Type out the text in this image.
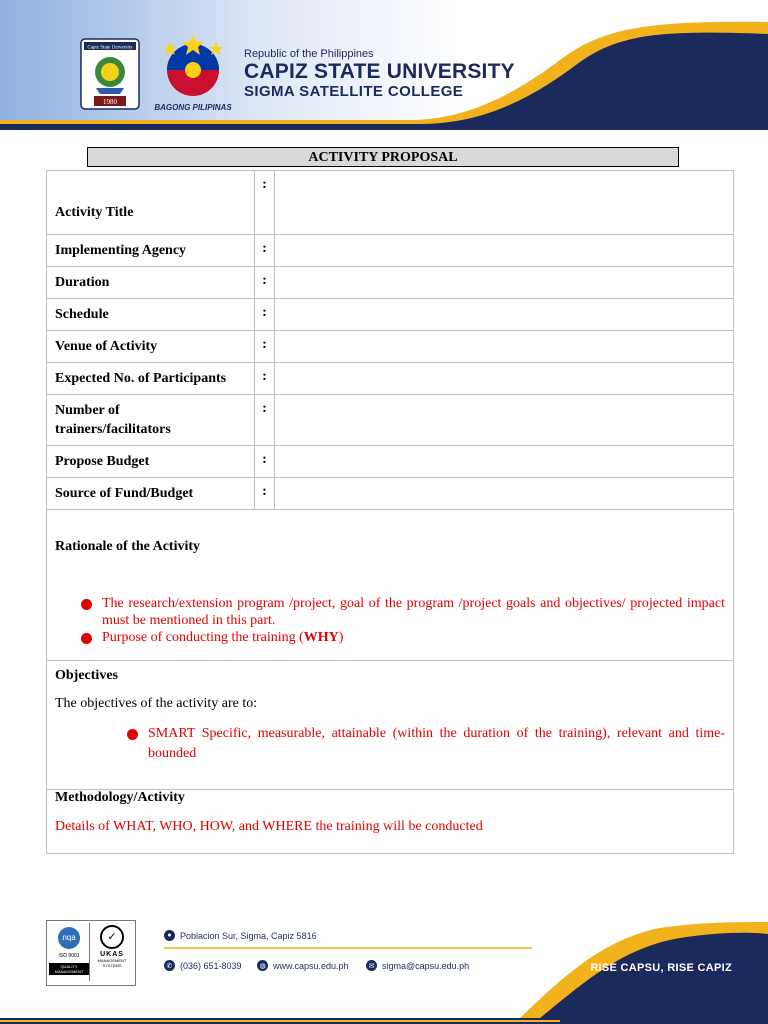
Capiz State University
1980
BAGONG PILIPINAS
Republic of the Philippines
CAPIZ STATE UNIVERSITY
SIGMA SATELLITE COLLEGE
ACTIVITY PROPOSAL
Activity Title	:	
Implementing Agency	:	
Duration	:	
Schedule	:	
Venue of Activity	:	
Expected No. of Participants	:	
Number of trainers/facilitators	:	
Propose Budget	:	
Source of Fund/Budget	:	

Rationale of the Activity
The research/extension program /project, goal of the program /project goals and objectives/ projected impact must be mentioned in this part.
Purpose of conducting the training (WHY)		

Objectives
The objectives of the activity are to:
SMART Specific, measurable, attainable (within the duration of the training), relevant and time-bounded		

Methodology/Activity
Details of WHAT, WHO, HOW, and WHERE the training will be conducted		
nqa
ISO 9001
QUALITY MANAGEMENT
✓
UKAS
MANAGEMENT SYSTEMS
● Poblacion Sur, Sigma, Capiz 5816
✆ (036) 651-8039	◍ www.capsu.edu.ph	✉ sigma@capsu.edu.ph	RISE CAPSU, RISE CAPIZ
